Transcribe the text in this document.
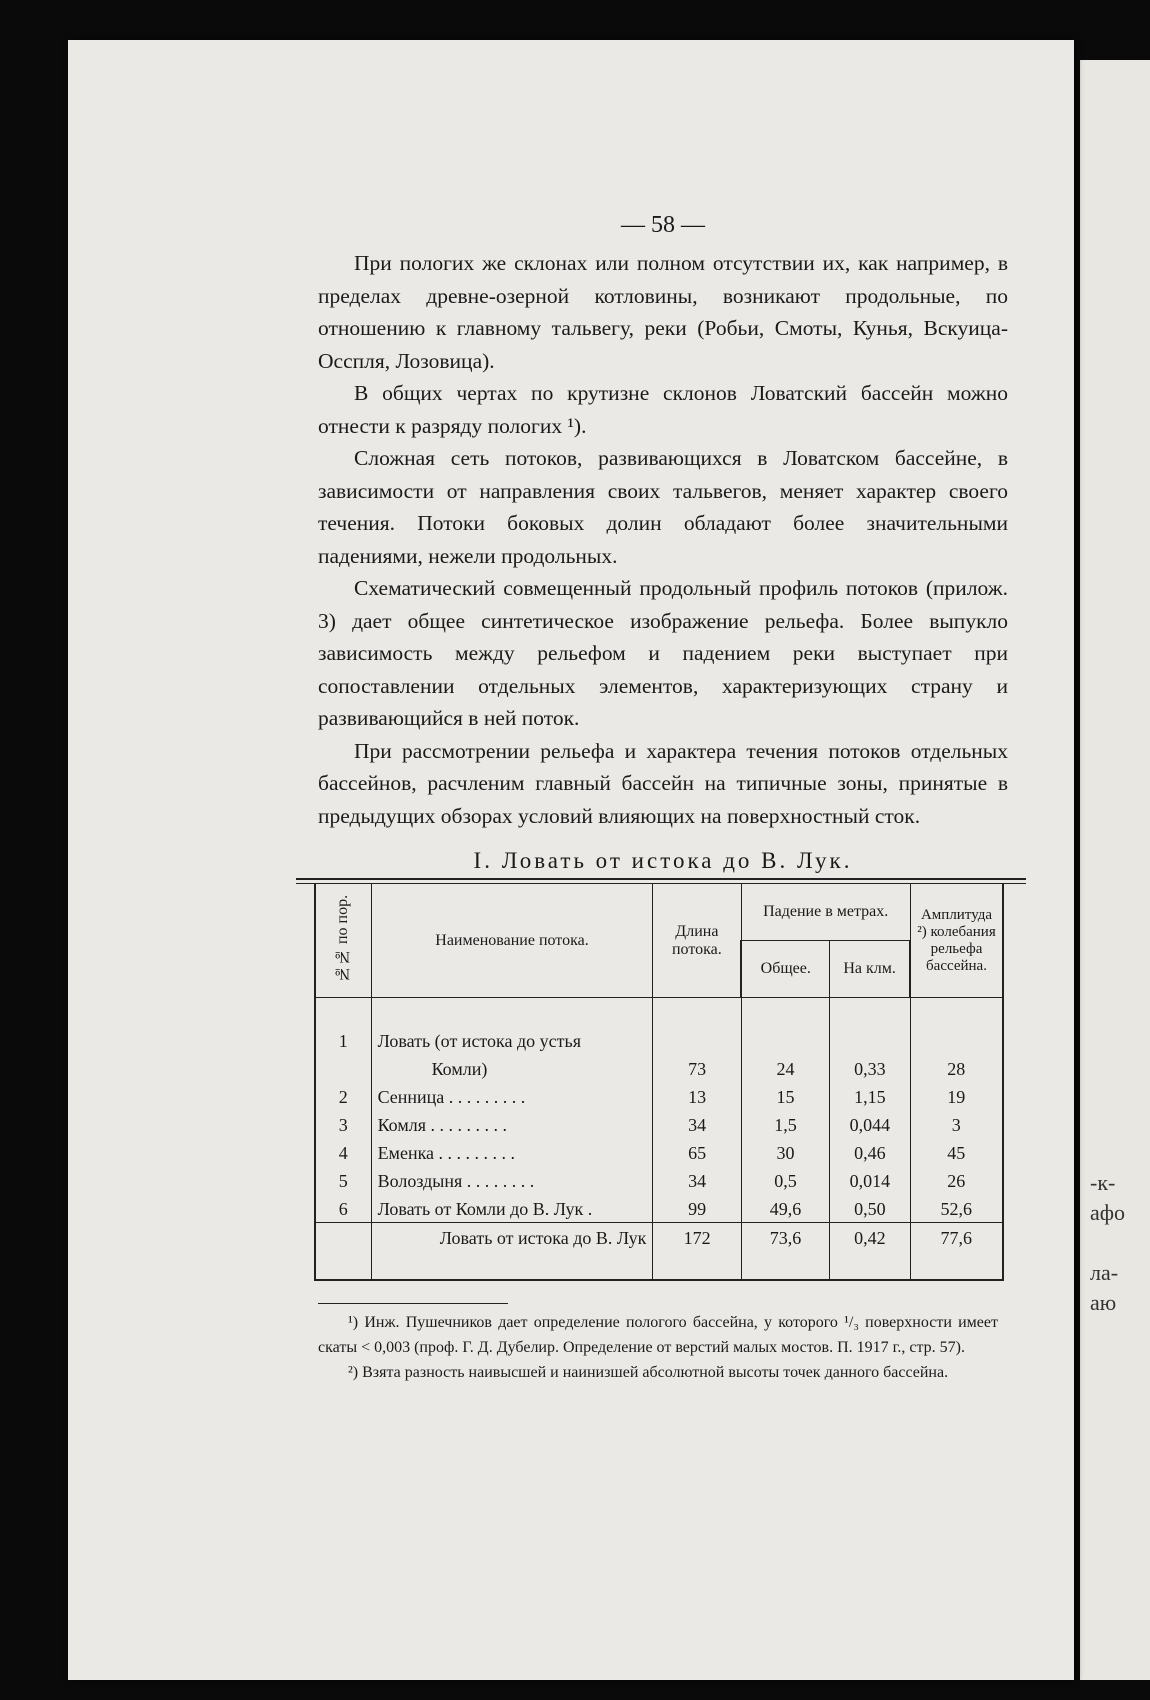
-к-
афо
ла-
аю
— 58 —

При пологих же склонах или полном отсутствии их, как например, в пределах древне-озерной котловины, возникают продольные, по отношению к главному тальвегу, реки (Робьи, Смоты, Кунья, Вскуица-Осспля, Лозовица).

В общих чертах по крутизне склонов Ловатский бассейн можно отнести к разряду пологих ¹).

Сложная сеть потоков, развивающихся в Ловатском бассейне, в зависимости от направления своих тальвегов, меняет характер своего течения. Потоки боковых долин обладают более значительными падениями, нежели продольных.

Схематический совмещенный продольный профиль потоков (прилож. 3) дает общее синтетическое изображение рельефа. Более выпукло зависимость между рельефом и падением реки выступает при сопоставлении отдельных элементов, характеризующих страну и развивающийся в ней поток.

При рассмотрении рельефа и характера течения потоков отдельных бассейнов, расчленим главный бассейн на типичные зоны, принятые в предыдущих обзорах условий влияющих на поверхностный сток.

I. Ловать от истока до В. Лук.
№№ по пор.	Наименование потока.	Длина потока.	Падение в метрах.		Амплитуда ²) колебания рельефа бассейна.
			Общее.	На клм.	

1	Ловать (от истока до устья				
	Комли)	73	24	0,33	28
2	Сенница . . . . . . . . .	13	15	1,15	19
3	Комля . . . . . . . . .	34	1,5	0,044	3
4	Еменка . . . . . . . . .	65	30	0,46	45
5	Волоздыня . . . . . . . .	34	0,5	0,014	26
6	Ловать от Комли до В. Лук .	99	49,6	0,50	52,6
	Ловать от истока до В. Лук	172	73,6	0,42	77,6

¹) Инж. Пушечников дает определение пологого бассейна, у которого ¹/₃ поверхности имеет скаты < 0,003 (проф. Г. Д. Дубелир. Определение от верстий малых мостов. П. 1917 г., стр. 57).

²) Взята разность наивысшей и наинизшей абсолютной высоты точек данного бассейна.
